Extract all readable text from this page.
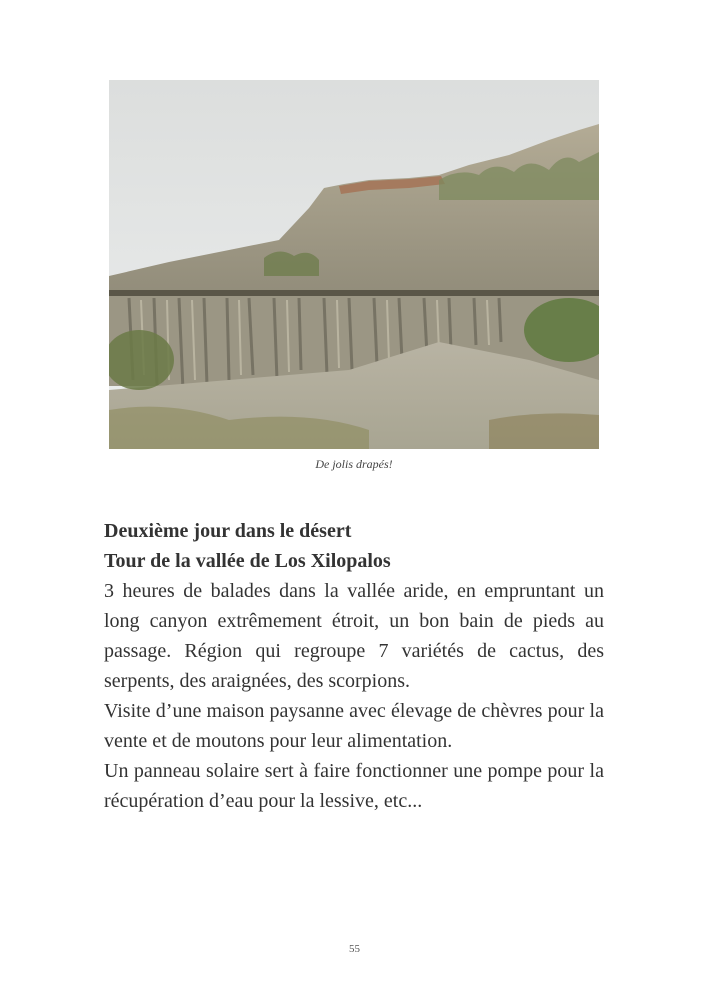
De jolis drapés!

Deuxième jour dans le désert

Tour de la vallée de Los Xilopalos

3 heures de balades dans la vallée aride, en empruntant un long canyon extrêmement étroit, un bon bain de pieds au passage. Région qui regroupe 7 variétés de cactus, des serpents, des araignées, des scorpions.

Visite d’une maison paysanne avec élevage de chèvres pour la vente et de moutons pour leur alimentation.

Un panneau solaire sert à faire fonctionner une pompe pour la récupération d’eau pour la lessive, etc...

55
